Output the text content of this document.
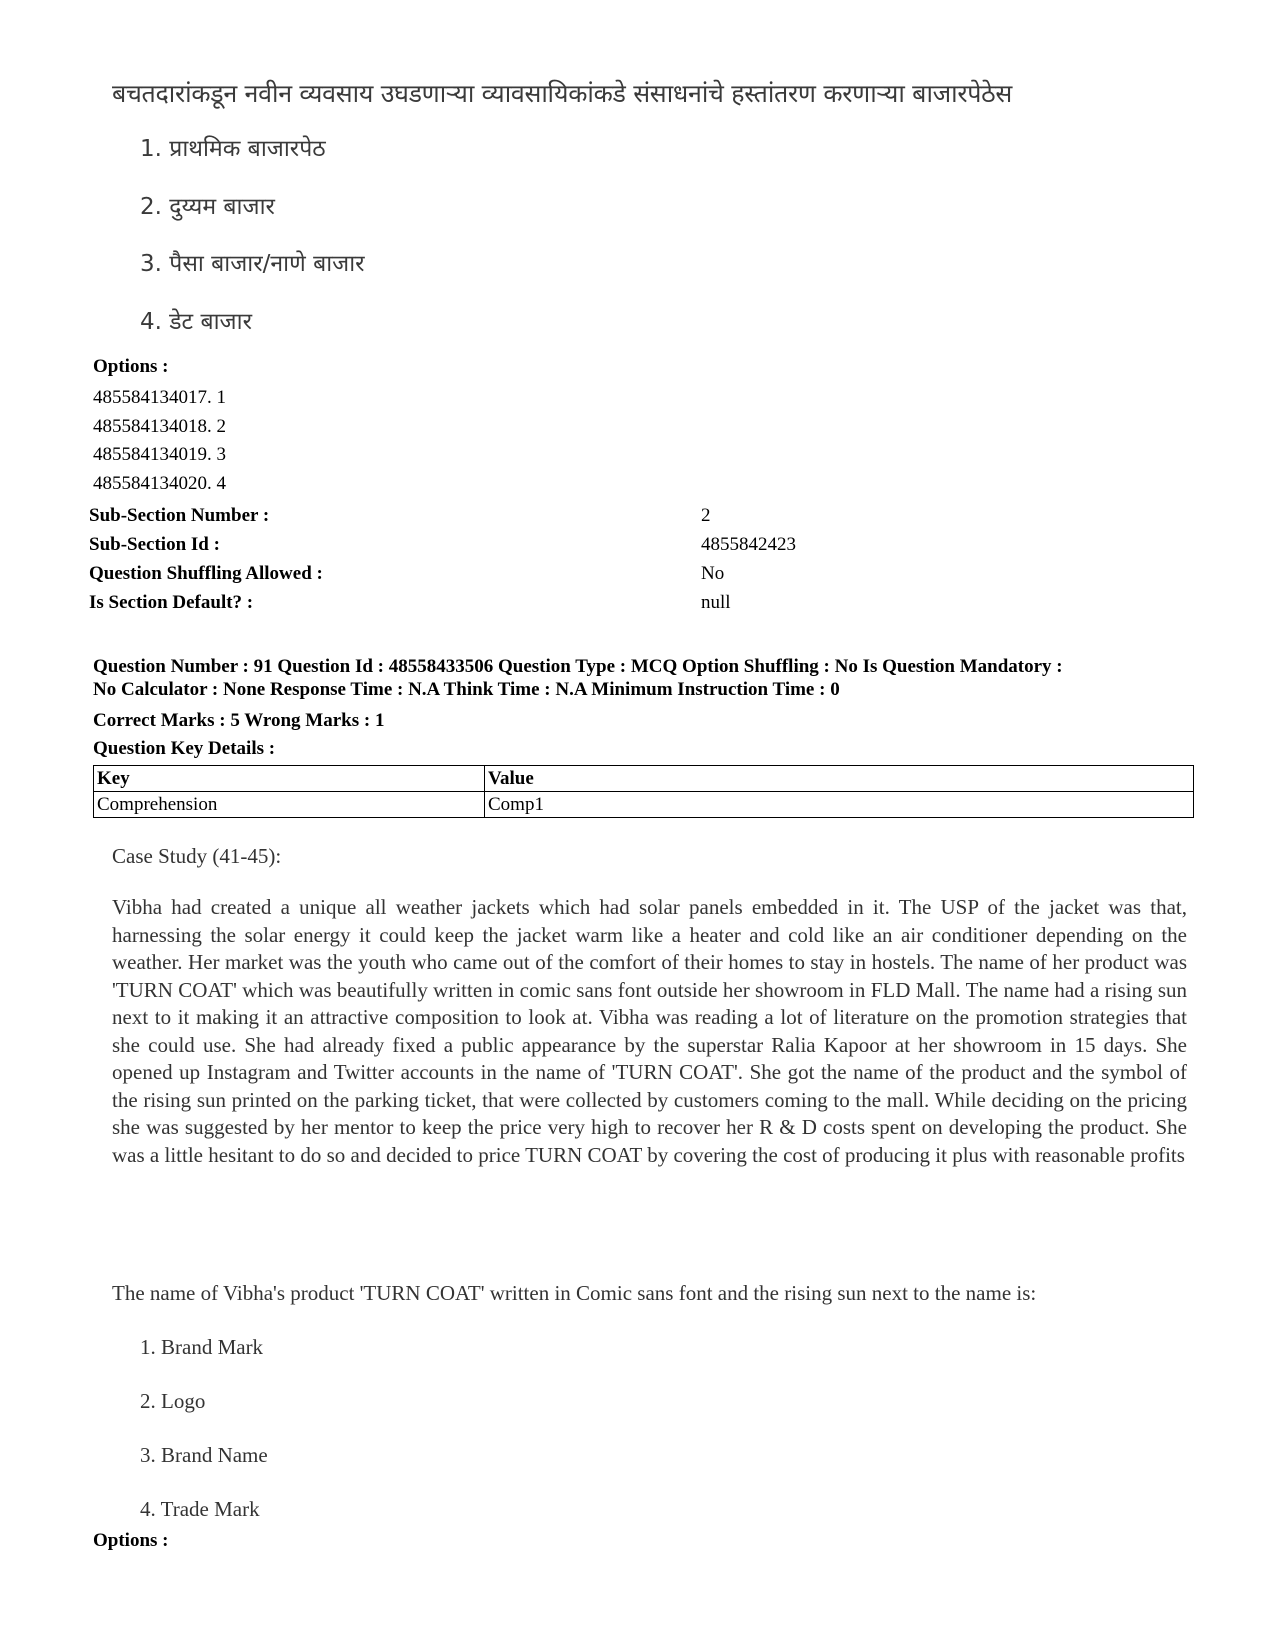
बचतदारांकडून नवीन व्यवसाय उघडणाऱ्या व्यावसायिकांकडे संसाधनांचे हस्तांतरण करणाऱ्या बाजारपेठेस
1. प्राथमिक बाजारपेठ
2. दुय्यम बाजार
3. पैसा बाजार/नाणे बाजार
4. डेट बाजार
Options :
485584134017. 1
485584134018. 2
485584134019. 3
485584134020. 4
Sub-Section Number :	2
Sub-Section Id :	4855842423
Question Shuffling Allowed :	No
Is Section Default? :	null
Question Number : 91 Question Id : 48558433506 Question Type : MCQ Option Shuffling : No Is Question Mandatory :
No Calculator : None Response Time : N.A Think Time : N.A Minimum Instruction Time : 0
Correct Marks : 5 Wrong Marks : 1
Question Key Details :
Key	Value
Comprehension	Comp1
Case Study (41-45):

Vibha had created a unique all weather jackets which had solar panels embedded in it. The USP of the jacket was that, harnessing the solar energy it could keep the jacket warm like a heater and cold like an air conditioner depending on the weather. Her market was the youth who came out of the comfort of their homes to stay in hostels. The name of her product was 'TURN COAT' which was beautifully written in comic sans font outside her showroom in FLD Mall. The name had a rising sun next to it making it an attractive composition to look at. Vibha was reading a lot of literature on the promotion strategies that she could use. She had already fixed a public appearance by the superstar Ralia Kapoor at her showroom in 15 days. She opened up Instagram and Twitter accounts in the name of 'TURN COAT'. She got the name of the product and the symbol of the rising sun printed on the parking ticket, that were collected by customers coming to the mall. While deciding on the pricing she was suggested by her mentor to keep the price very high to recover her R & D costs spent on developing the product. She was a little hesitant to do so and decided to price TURN COAT by covering the cost of producing it plus with reasonable profits

The name of Vibha's product 'TURN COAT' written in Comic sans font and the rising sun next to the name is:
1. Brand Mark
2. Logo
3. Brand Name
4. Trade Mark
Options :
